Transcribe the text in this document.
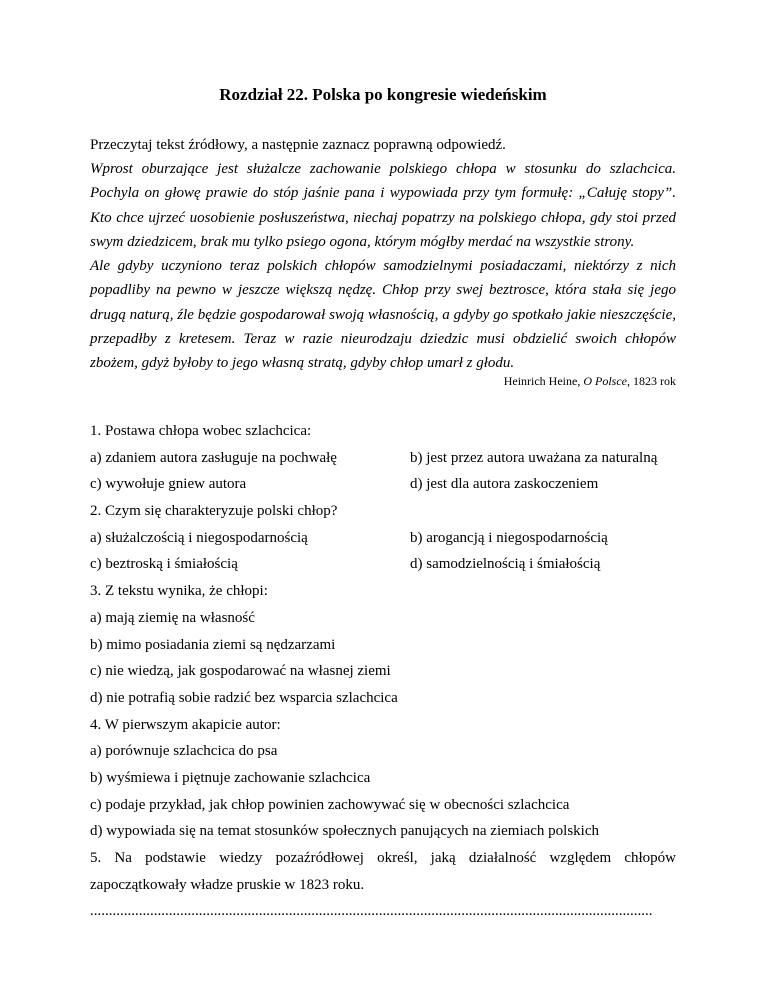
Rozdział 22. Polska po kongresie wiedeńskim
Przeczytaj tekst źródłowy, a następnie zaznacz poprawną odpowiedź.

Wprost oburzające jest służalcze zachowanie polskiego chłopa w stosunku do szlachcica. Pochyla on głowę prawie do stóp jaśnie pana i wypowiada przy tym formułę: „Całuję stopy”. Kto chce ujrzeć uosobienie posłuszeństwa, niechaj popatrzy na polskiego chłopa, gdy stoi przed swym dziedzicem, brak mu tylko psiego ogona, którym mógłby merdać na wszystkie strony.

Ale gdyby uczyniono teraz polskich chłopów samodzielnymi posiadaczami, niektórzy z nich popadliby na pewno w jeszcze większą nędzę. Chłop przy swej beztrosce, która stała się jego drugą naturą, źle będzie gospodarował swoją własnością, a gdyby go spotkało jakie nieszczęście, przepadłby z kretesem. Teraz w razie nieurodzaju dziedzic musi obdzielić swoich chłopów zbożem, gdyż byłoby to jego własną stratą, gdyby chłop umarł z głodu.

Heinrich Heine, O Polsce, 1823 rok
1. Postawa chłopa wobec szlachcica:
a) zdaniem autora zasługuje na pochwałę	b) jest przez autora uważana za naturalną
c) wywołuje gniew autora	d) jest dla autora zaskoczeniem
2. Czym się charakteryzuje polski chłop?
a) służalczością i niegospodarnością	b) arogancją i niegospodarnością
c) beztroską i śmiałością	d) samodzielnością i śmiałością
3. Z tekstu wynika, że chłopi:
a) mają ziemię na własność
b) mimo posiadania ziemi są nędzarzami
c) nie wiedzą, jak gospodarować na własnej ziemi
d) nie potrafią sobie radzić bez wsparcia szlachcica
4. W pierwszym akapicie autor:
a) porównuje szlachcica do psa
b) wyśmiewa i piętnuje zachowanie szlachcica
c) podaje przykład, jak chłop powinien zachowywać się w obecności szlachcica
d) wypowiada się na temat stosunków społecznych panujących na ziemiach polskich
5. Na podstawie wiedzy pozaźródłowej określ, jaką działalność względem chłopów zapoczątkowały władze pruskie w 1823 roku.
......................................................................................................................................................
